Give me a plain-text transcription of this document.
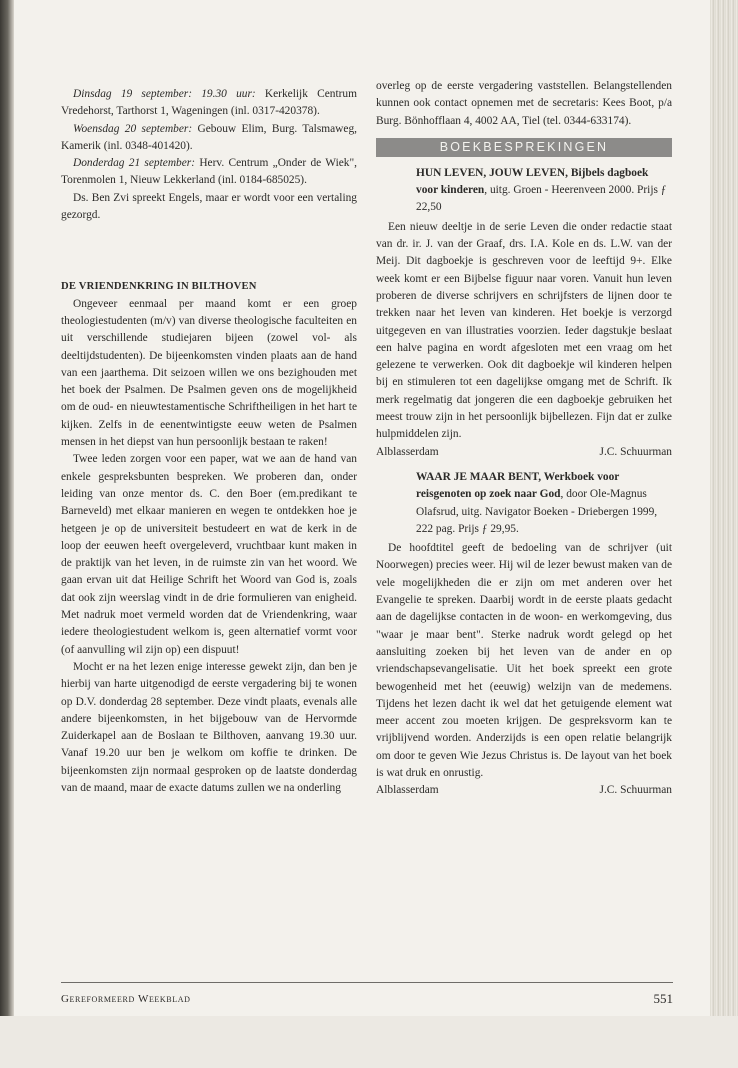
Dinsdag 19 september: 19.30 uur: Kerkelijk Centrum Vredehorst, Tarthorst 1, Wageningen (inl. 0317-420378).

Woensdag 20 september: Gebouw Elim, Burg. Talsmaweg, Kamerik (inl. 0348-401420).

Donderdag 21 september: Herv. Centrum „Onder de Wiek", Torenmolen 1, Nieuw Lekkerland (inl. 0184-685025).

Ds. Ben Zvi spreekt Engels, maar er wordt voor een vertaling gezorgd.

DE VRIENDENKRING IN BILTHOVEN

Ongeveer eenmaal per maand komt er een groep theologiestudenten (m/v) van diverse theologische faculteiten en uit verschillende studiejaren bijeen (zowel vol- als deeltijdstudenten). De bijeenkomsten vinden plaats aan de hand van een jaarthema. Dit seizoen willen we ons bezighouden met het boek der Psalmen. De Psalmen geven ons de mogelijkheid om de oud- en nieuwtestamentische Schriftheiligen in het hart te kijken. Zelfs in de eenentwintigste eeuw weten de Psalmen mensen in het diepst van hun persoonlijk bestaan te raken!

Twee leden zorgen voor een paper, wat we aan de hand van enkele gespreksbunten bespreken. We proberen dan, onder leiding van onze mentor ds. C. den Boer (em.predikant te Barneveld) met elkaar manieren en wegen te ontdekken hoe je hetgeen je op de universiteit bestudeert en wat de kerk in de loop der eeuwen heeft overgeleverd, vruchtbaar kunt maken in de praktijk van het leven, in de ruimste zin van het woord. We gaan ervan uit dat Heilige Schrift het Woord van God is, zoals dat ook zijn weerslag vindt in de drie formulieren van enigheid. Met nadruk moet vermeld worden dat de Vriendenkring, waar iedere theologiestudent welkom is, geen alternatief vormt voor (of aanvulling wil zijn op) een dispuut!

Mocht er na het lezen enige interesse gewekt zijn, dan ben je hierbij van harte uitgenodigd de eerste vergadering bij te wonen op D.V. donderdag 28 september. Deze vindt plaats, evenals alle andere bijeenkomsten, in het bijgebouw van de Hervormde Zuiderkapel aan de Boslaan te Bilthoven, aanvang 19.30 uur. Vanaf 19.20 uur ben je welkom om koffie te drinken. De bijeenkomsten zijn normaal gesproken op de laatste donderdag van de maand, maar de exacte datums zullen we na onderling

overleg op de eerste vergadering vaststellen. Belangstellenden kunnen ook contact opnemen met de secretaris: Kees Boot, p/a Burg. Bönhofflaan 4, 4002 AA, Tiel (tel. 0344-633174).

BOEKBESPREKINGEN

HUN LEVEN, JOUW LEVEN, Bijbels dagboek voor kinderen, uitg. Groen - Heerenveen 2000. Prijs ƒ 22,50

Een nieuw deeltje in de serie Leven die onder redactie staat van dr. ir. J. van der Graaf, drs. I.A. Kole en ds. L.W. van der Meij. Dit dagboekje is geschreven voor de leeftijd 9+. Elke week komt er een Bijbelse figuur naar voren. Vanuit hun leven proberen de diverse schrijvers en schrijfsters de lijnen door te trekken naar het leven van kinderen. Het boekje is verzorgd uitgegeven en van illustraties voorzien. Ieder dagstukje beslaat een halve pagina en wordt afgesloten met een vraag om het gelezene te verwerken. Ook dit dagboekje wil kinderen helpen bij en stimuleren tot een dagelijkse omgang met de Schrift. Ik merk regelmatig dat jongeren die een dagboekje gebruiken het meest trouw zijn in het persoonlijk bijbellezen. Fijn dat er zulke hulpmiddelen zijn.

Alblasserdam	J.C. Schuurman

WAAR JE MAAR BENT, Werkboek voor reisgenoten op zoek naar God, door Ole-Magnus Olafsrud, uitg. Navigator Boeken - Driebergen 1999, 222 pag. Prijs ƒ 29,95.

De hoofdtitel geeft de bedoeling van de schrijver (uit Noorwegen) precies weer. Hij wil de lezer bewust maken van de vele mogelijkheden die er zijn om met anderen over het Evangelie te spreken. Daarbij wordt in de eerste plaats gedacht aan de dagelijkse contacten in de woon- en werkomgeving, dus "waar je maar bent". Sterke nadruk wordt gelegd op het aansluiting zoeken bij het leven van de ander en op vriendschapsevangelisatie. Uit het boek spreekt een grote bewogenheid met het (eeuwig) welzijn van de medemens. Tijdens het lezen dacht ik wel dat het getuigende element wat meer accent zou moeten krijgen. De gespreksvorm kan te vrijblijvend worden. Anderzijds is een open relatie belangrijk om door te geven Wie Jezus Christus is. De layout van het boek is wat druk en onrustig.

Alblasserdam	J.C. Schuurman

Gereformeerd Weekblad	551
